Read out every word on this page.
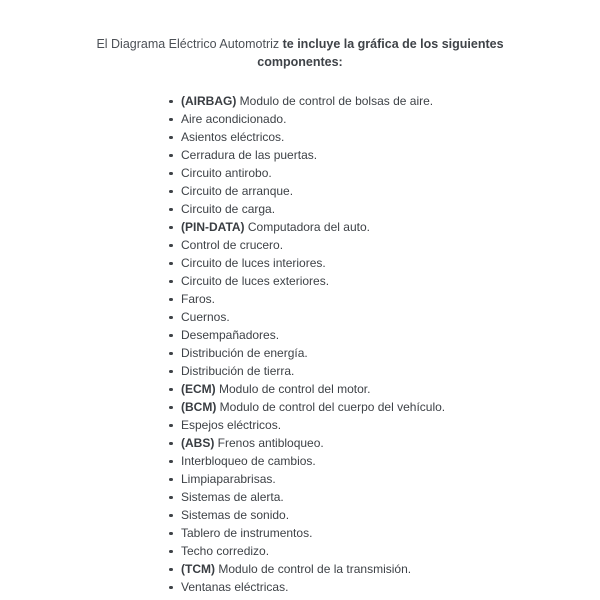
El Diagrama Eléctrico Automotriz te incluye la gráfica de los siguientes
componentes:
(AIRBAG) Modulo de control de bolsas de aire.
Aire acondicionado.
Asientos eléctricos.
Cerradura de las puertas.
Circuito antirobo.
Circuito de arranque.
Circuito de carga.
(PIN-DATA) Computadora del auto.
Control de crucero.
Circuito de luces interiores.
Circuito de luces exteriores.
Faros.
Cuernos.
Desempañadores.
Distribución de energía.
Distribución de tierra.
(ECM) Modulo de control del motor.
(BCM) Modulo de control del cuerpo del vehículo.
Espejos eléctricos.
(ABS) Frenos antibloqueo.
Interbloqueo de cambios.
Limpiaparabrisas.
Sistemas de alerta.
Sistemas de sonido.
Tablero de instrumentos.
Techo corredizo.
(TCM) Modulo de control de la transmisión.
Ventanas eléctricas.
